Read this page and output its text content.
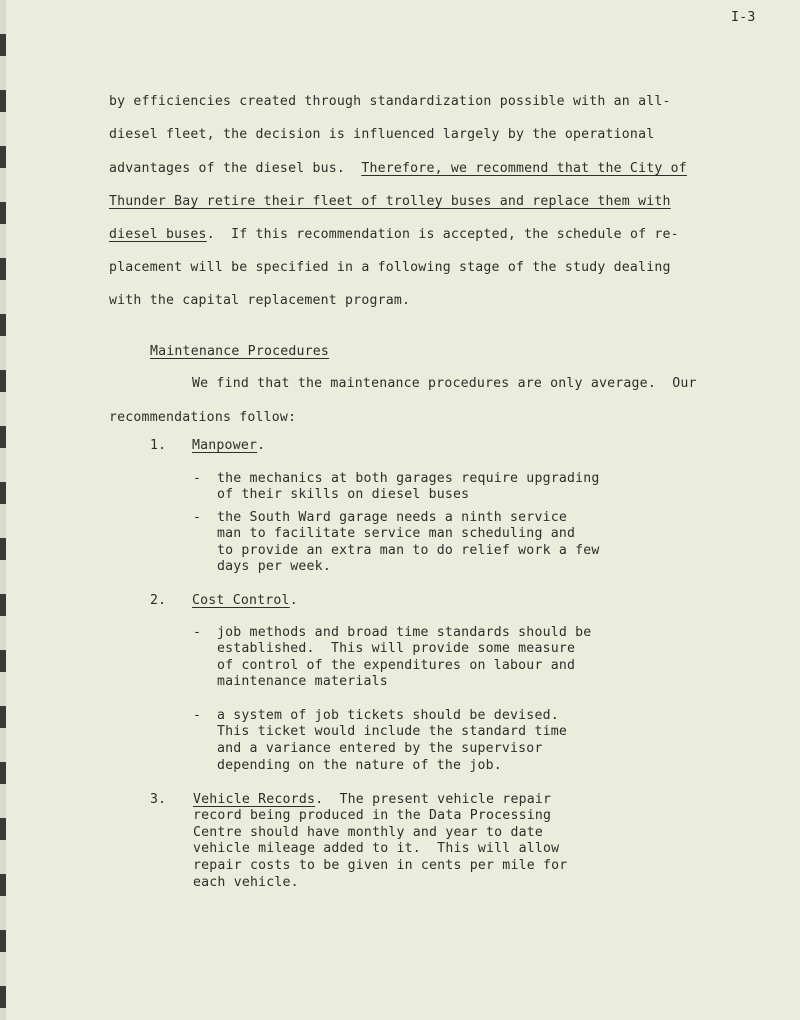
I-3
by efficiencies created through standardization possible with an all-
diesel fleet, the decision is influenced largely by the operational
advantages of the diesel bus.  Therefore, we recommend that the City of
Thunder Bay retire their fleet of trolley buses and replace them with
diesel buses.  If this recommendation is accepted, the schedule of re-
placement will be specified in a following stage of the study dealing
with the capital replacement program.
Maintenance Procedures
We find that the maintenance procedures are only average.  Our
recommendations follow:
1. Manpower.
- the mechanics at both garages require upgrading
of their skills on diesel buses
- the South Ward garage needs a ninth service
man to facilitate service man scheduling and
to provide an extra man to do relief work a few
days per week.
2. Cost Control.
- job methods and broad time standards should be
established.  This will provide some measure
of control of the expenditures on labour and
maintenance materials
- a system of job tickets should be devised.
This ticket would include the standard time
and a variance entered by the supervisor
depending on the nature of the job.
3. Vehicle Records.  The present vehicle repair
record being produced in the Data Processing
Centre should have monthly and year to date
vehicle mileage added to it.  This will allow
repair costs to be given in cents per mile for
each vehicle.
